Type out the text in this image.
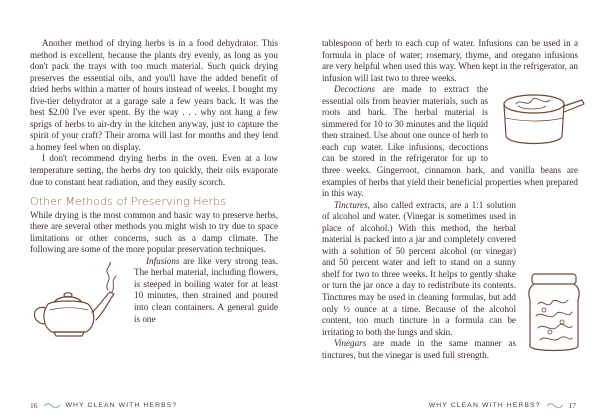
Another method of drying herbs is in a food dehydrator. This method is excellent, because the plants dry evenly, as long as you don't pack the trays with too much material. Such quick drying preserves the essential oils, and you'll have the added benefit of dried herbs within a matter of hours instead of weeks. I bought my five-tier dehydrator at a garage sale a few years back. It was the best $2.00 I've ever spent. By the way . . . why not hang a few sprigs of herbs to air-dry in the kitchen anyway, just to capture the spirit of your craft? Their aroma will last for months and they lend a homey feel when on display.

I don't recommend drying herbs in the oven. Even at a low temperature setting, the herbs dry too quickly, their oils evaporate due to constant heat radiation, and they easily scorch.

Other Methods of Preserving Herbs

While drying is the most common and basic way to preserve herbs, there are several other methods you might wish to try due to space limitations or other concerns, such as a damp climate. The following are some of the more popular preservation techniques.

Infusions are like very strong teas. The herbal material, including flowers, is steeped in boiling water for at least 10 minutes, then strained and poured into clean containers. A general guide is one

16	WHY CLEAN WITH HERBS?

tablespoon of herb to each cup of water. Infusions can be used in a formula in place of water; rosemary, thyme, and oregano infusions are very helpful when used this way. When kept in the refrigerator, an infusion will last two to three weeks.

Decoctions are made to extract the essential oils from heavier materials, such as roots and bark. The herbal material is simmered for 10 to 30 minutes and the liquid then strained. Use about one ounce of herb to each cup water. Like infusions, decoctions can be stored in the refrigerator for up to three weeks. Gingerroot, cinnamon bark, and vanilla beans are examples of herbs that yield their beneficial properties when prepared in this way.

Tinctures, also called extracts, are a 1:1 solution of alcohol and water. (Vinegar is sometimes used in place of alcohol.) With this method, the herbal material is packed into a jar and completely covered with a solution of 50 percent alcohol (or vinegar) and 50 percent water and left to stand on a sunny shelf for two to three weeks. It helps to gently shake or turn the jar once a day to redistribute its contents. Tinctures may be used in cleaning formulas, but add only ½ ounce at a time. Because of the alcohol content, too much tincture in a formula can be irritating to both the lungs and skin.

Vinegars are made in the same manner as tinctures, but the vinegar is used full strength.

WHY CLEAN WITH HERBS?	17
